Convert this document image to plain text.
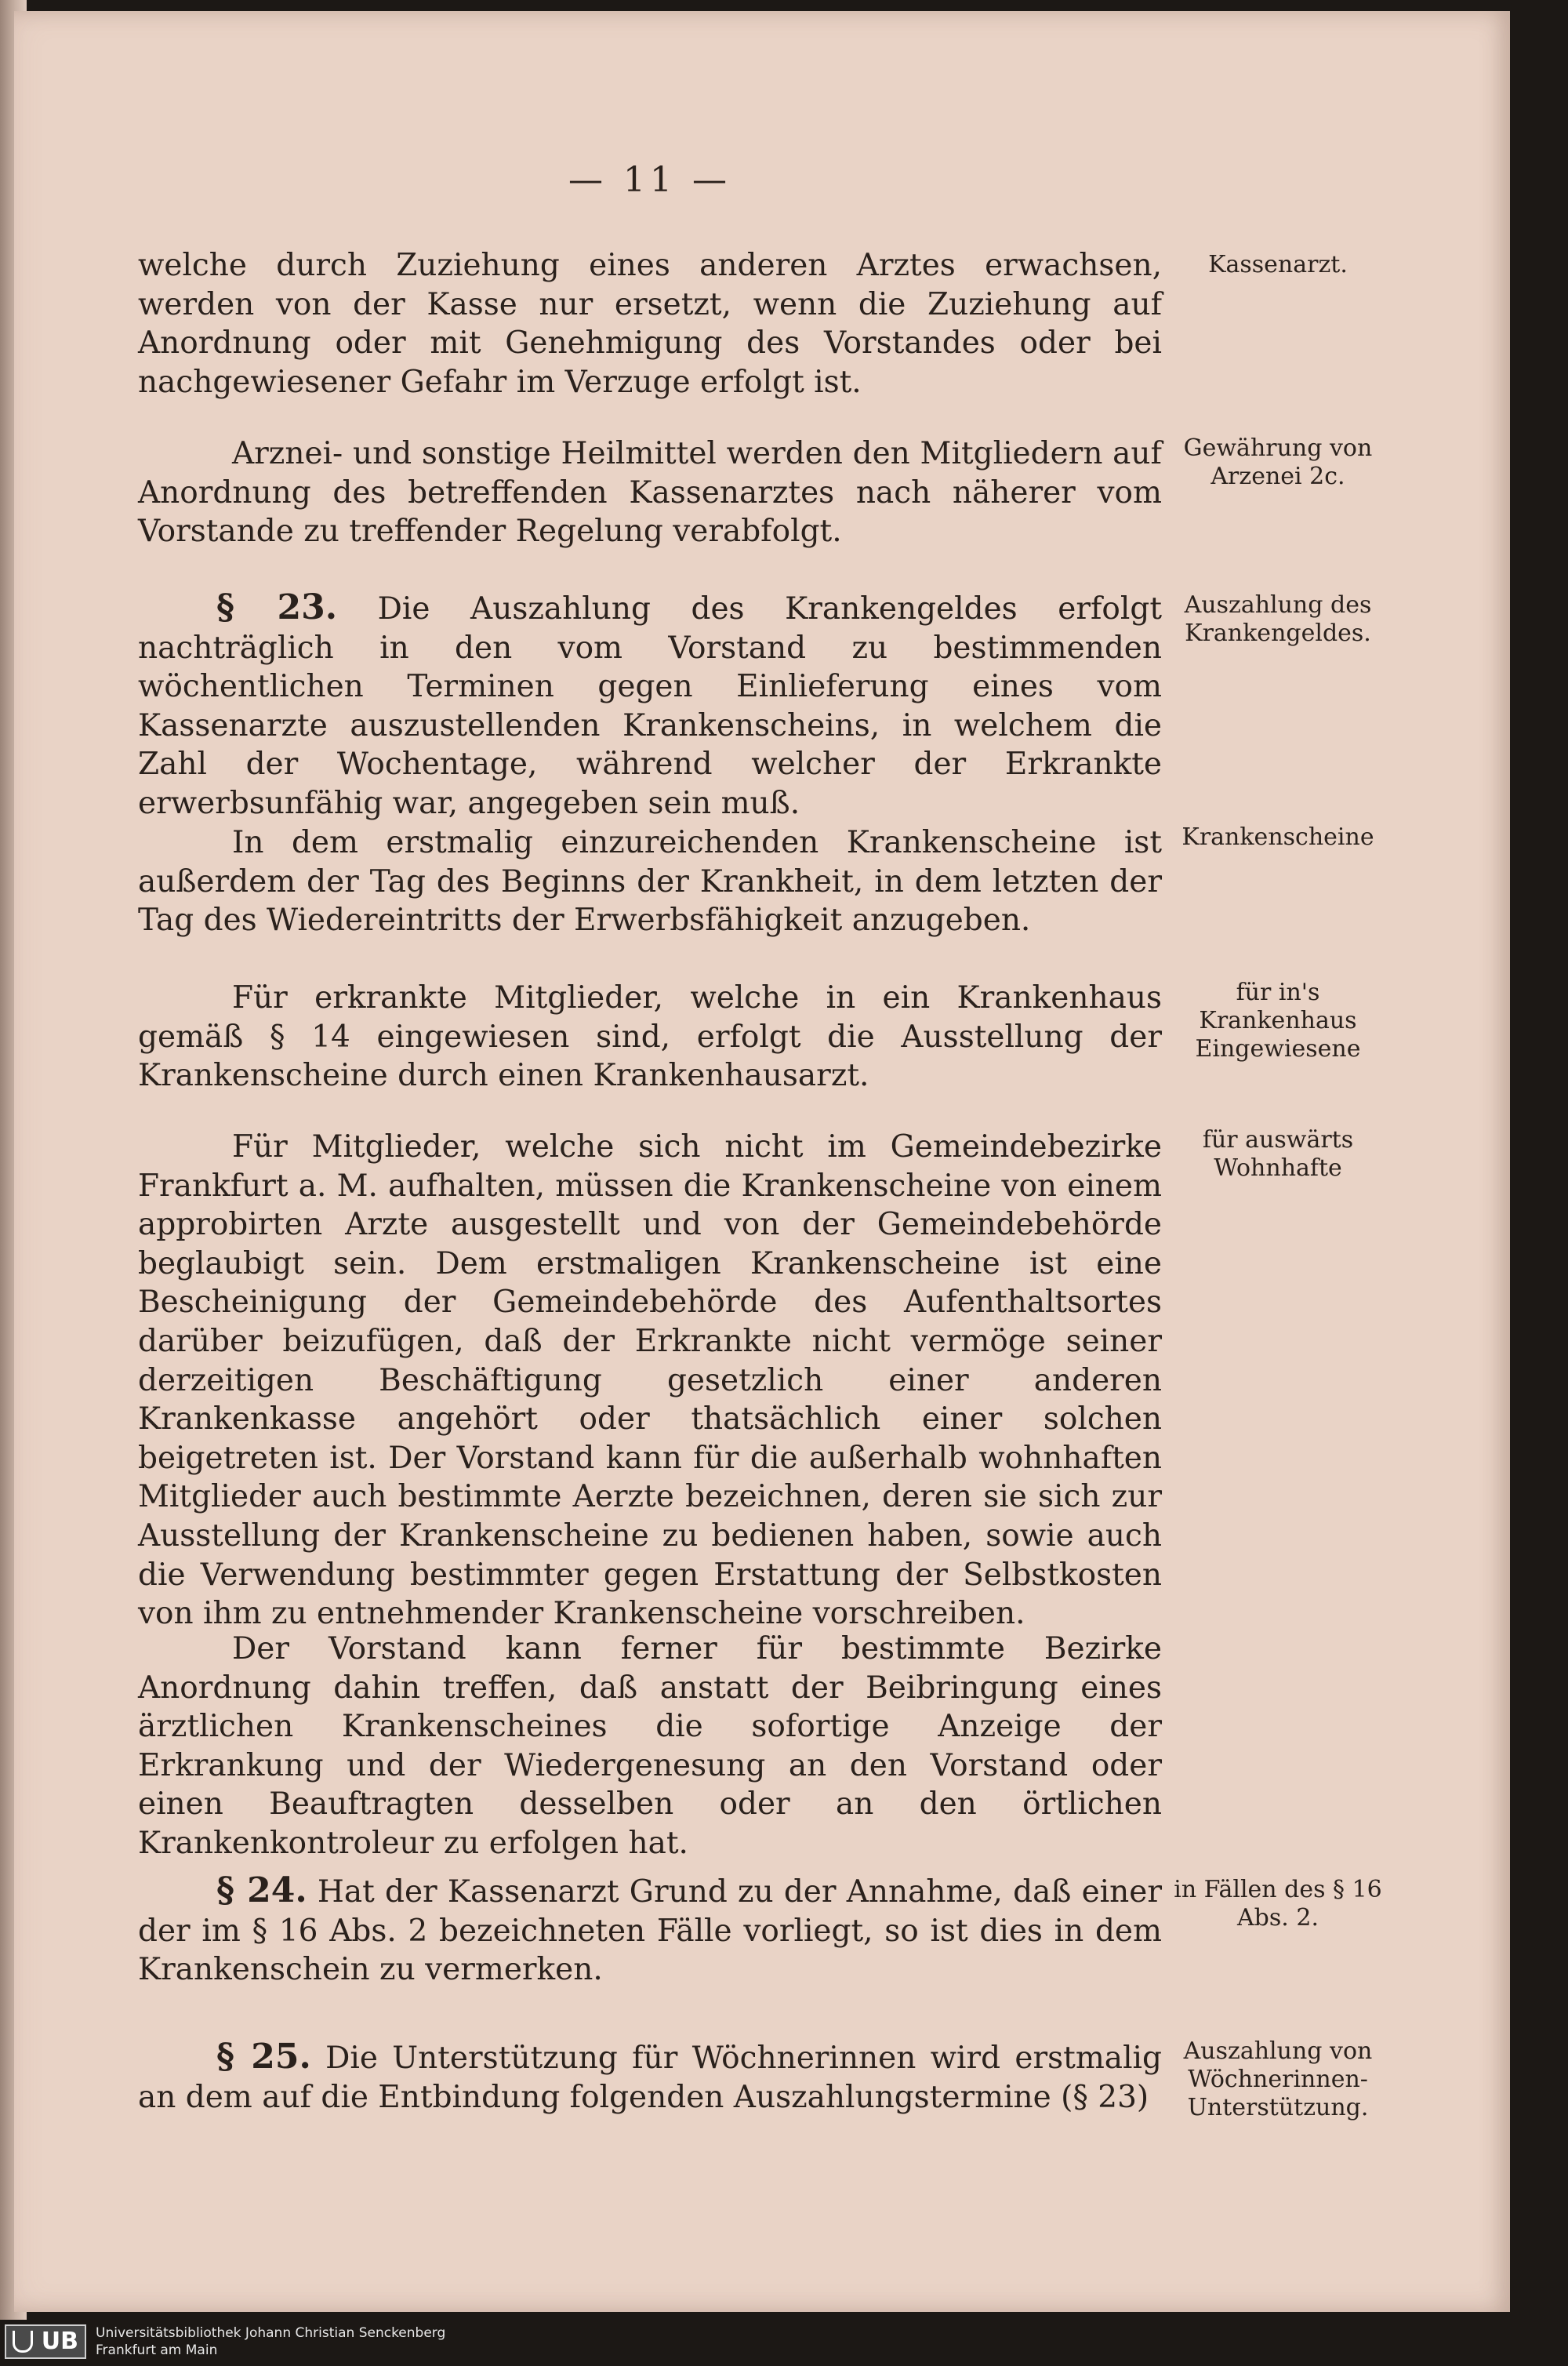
— 11 —

welche durch Zuziehung eines anderen Arztes erwachsen, werden von der Kasse nur ersetzt, wenn die Zuziehung auf Anordnung oder mit Genehmigung des Vorstandes oder bei nachgewiesener Gefahr im Verzuge erfolgt ist.

Arznei- und sonstige Heilmittel werden den Mitgliedern auf Anordnung des betreffenden Kassenarztes nach näherer vom Vorstande zu treffender Regelung verabfolgt.

§ 23. Die Auszahlung des Krankengeldes erfolgt nachträglich in den vom Vorstand zu bestimmenden wöchentlichen Terminen gegen Einlieferung eines vom Kassenarzte auszustellenden Krankenscheins, in welchem die Zahl der Wochentage, während welcher der Erkrankte erwerbsunfähig war, angegeben sein muß.

In dem erstmalig einzureichenden Krankenscheine ist außerdem der Tag des Beginns der Krankheit, in dem letzten der Tag des Wiedereintritts der Erwerbsfähigkeit anzugeben.

Für erkrankte Mitglieder, welche in ein Krankenhaus gemäß § 14 eingewiesen sind, erfolgt die Ausstellung der Krankenscheine durch einen Krankenhausarzt.

Für Mitglieder, welche sich nicht im Gemeindebezirke Frankfurt a. M. aufhalten, müssen die Krankenscheine von einem approbirten Arzte ausgestellt und von der Gemeindebehörde beglaubigt sein. Dem erstmaligen Krankenscheine ist eine Bescheinigung der Gemeindebehörde des Aufenthaltsortes darüber beizufügen, daß der Erkrankte nicht vermöge seiner derzeitigen Beschäftigung gesetzlich einer anderen Krankenkasse angehört oder thatsächlich einer solchen beigetreten ist. Der Vorstand kann für die außerhalb wohnhaften Mitglieder auch bestimmte Aerzte bezeichnen, deren sie sich zur Ausstellung der Krankenscheine zu bedienen haben, sowie auch die Verwendung bestimmter gegen Erstattung der Selbstkosten von ihm zu entnehmender Krankenscheine vorschreiben.

Der Vorstand kann ferner für bestimmte Bezirke Anordnung dahin treffen, daß anstatt der Beibringung eines ärztlichen Krankenscheines die sofortige Anzeige der Erkrankung und der Wiedergenesung an den Vorstand oder einen Beauftragten desselben oder an den örtlichen Krankenkontroleur zu erfolgen hat.

§ 24. Hat der Kassenarzt Grund zu der Annahme, daß einer der im § 16 Abs. 2 bezeichneten Fälle vorliegt, so ist dies in dem Krankenschein zu vermerken.

§ 25. Die Unterstützung für Wöchnerinnen wird erstmalig an dem auf die Entbindung folgenden Auszahlungstermine (§ 23)

Kassenarzt.

Gewährung von Arzenei 2c.

Auszahlung des Krankengeldes.

Krankenscheine

für in's Krankenhaus Eingewiesene

für auswärts Wohnhafte

in Fällen des § 16 Abs. 2.

Auszahlung von Wöchnerinnen-Unterstützung.

UB	Universitätsbibliothek Johann Christian Senckenberg
Frankfurt am Main
